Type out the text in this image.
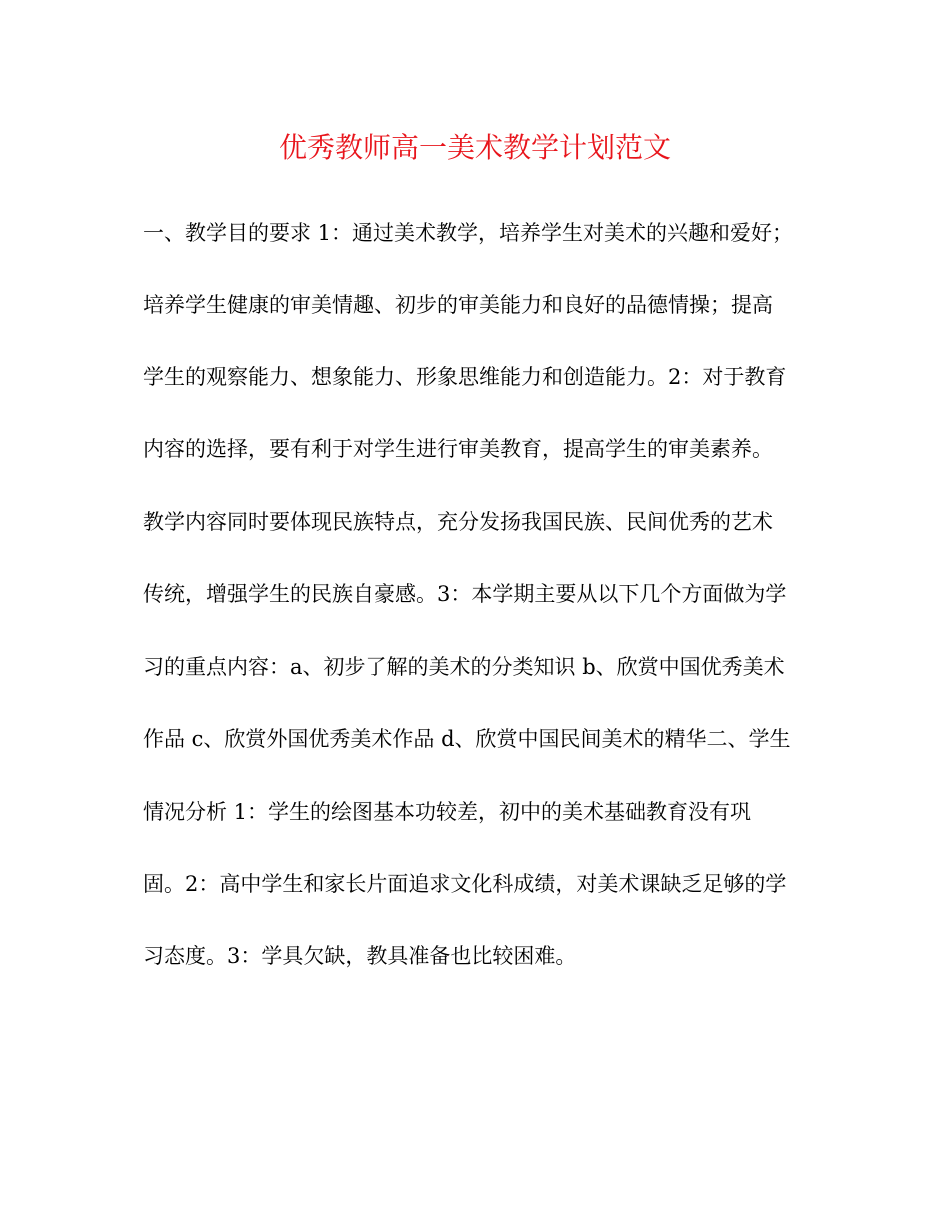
优秀教师高一美术教学计划范文
一、教学目的要求 1：通过美术教学，培养学生对美术的兴趣和爱好；
培养学生健康的审美情趣、初步的审美能力和良好的品德情操；提高
学生的观察能力、想象能力、形象思维能力和创造能力。2：对于教育
内容的选择，要有利于对学生进行审美教育，提高学生的审美素养。
教学内容同时要体现民族特点，充分发扬我国民族、民间优秀的艺术
传统，增强学生的民族自豪感。3：本学期主要从以下几个方面做为学
习的重点内容：a、初步了解的美术的分类知识 b、欣赏中国优秀美术
作品 c、欣赏外国优秀美术作品 d、欣赏中国民间美术的精华二、学生
情况分析 1：学生的绘图基本功较差，初中的美术基础教育没有巩
固。2：高中学生和家长片面追求文化科成绩，对美术课缺乏足够的学
习态度。3：学具欠缺，教具准备也比较困难。
